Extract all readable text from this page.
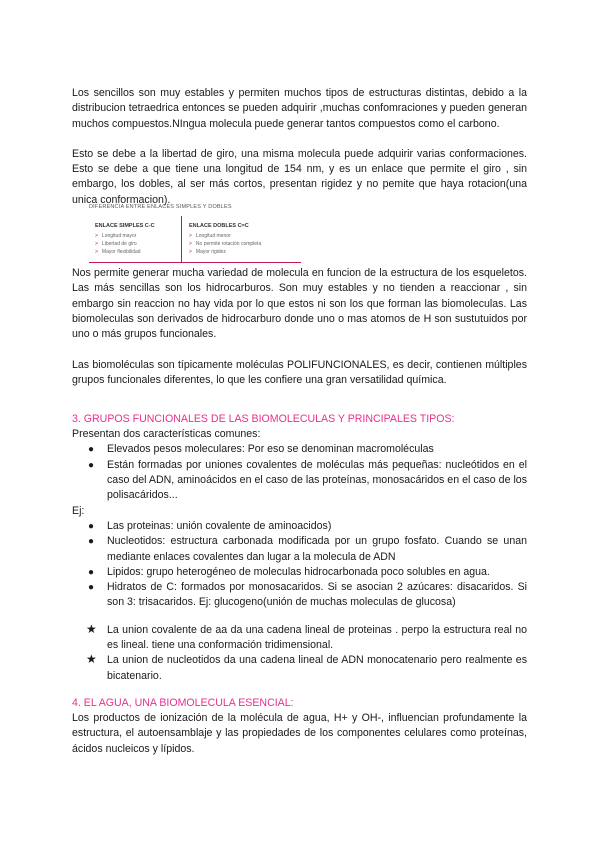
Los sencillos son muy estables y permiten muchos tipos de estructuras distintas, debido a la distribucion tetraedrica entonces se pueden adquirir ,muchas confomraciones y pueden generan muchos compuestos.NIngua molecula puede generar tantos compuestos como el carbono.

Esto se debe a la libertad de giro, una misma molecula puede adquirir varias conformaciones. Esto se debe a que tiene una longitud de 154 nm, y es un enlace que permite el giro , sin embargo, los dobles, al ser más cortos, presentan rigidez y no pemite que haya rotacion(una unica conformacion).

DIFERENCIA ENTRE ENLACES SIMPLES Y DOBLES
ENLACE SIMPLES C-C
> Longitud mayor
> Libertad de giro
> Mayor flexibilidad
ENLACE DOBLES C=C
> Longitud menor
> No permite rotación completa
> Mayor rigidez

Nos permite generar mucha variedad de molecula en funcion de la estructura de los esqueletos. Las más sencillas son los hidrocarburos. Son muy estables y no tienden a reaccionar , sin embargo sin reaccion no hay vida por lo que estos ni son los que forman las biomoleculas. Las biomoleculas son derivados de hidrocarburo donde uno o mas atomos de H son sustutuidos por uno o más grupos funcionales.

Las biomoléculas son típicamente moléculas POLIFUNCIONALES, es decir, contienen múltiples grupos funcionales diferentes, lo que les confiere una gran versatilidad química.

3. GRUPOS FUNCIONALES DE LAS BIOMOLECULAS Y PRINCIPALES TIPOS:

Presentan dos características comunes:

● Elevados pesos moleculares: Por eso se denominan macromoléculas
● Están formadas por uniones covalentes de moléculas más pequeñas: nucleótidos en el caso del ADN, aminoácidos en el caso de las proteínas, monosacáridos en el caso de los polisacáridos...

Ej:

● Las proteinas: unión covalente de aminoacidos)
● Nucleotidos: estructura carbonada modificada por un grupo fosfato. Cuando se unan mediante enlaces covalentes dan lugar a la molecula de ADN
● Lipidos: grupo heterogéneo de moleculas hidrocarbonada poco solubles en agua.
● Hidratos de C: formados por monosacaridos. Si se asocian 2 azúcares: disacaridos. Si son 3: trisacaridos. Ej: glucogeno(unión de muchas moleculas de glucosa)
★ La union covalente de aa da una cadena lineal de proteinas . perpo la estructura real no es lineal. tiene una conformación tridimensional.
★ La union de nucleotidos da una cadena lineal de ADN monocatenario pero realmente es bicatenario.

4. EL AGUA, UNA BIOMOLECULA ESENCIAL:

Los productos de ionización de la molécula de agua, H+ y OH-, influencian profundamente la estructura, el autoensamblaje y las propiedades de los componentes celulares como proteínas, ácidos nucleicos y lípidos.
